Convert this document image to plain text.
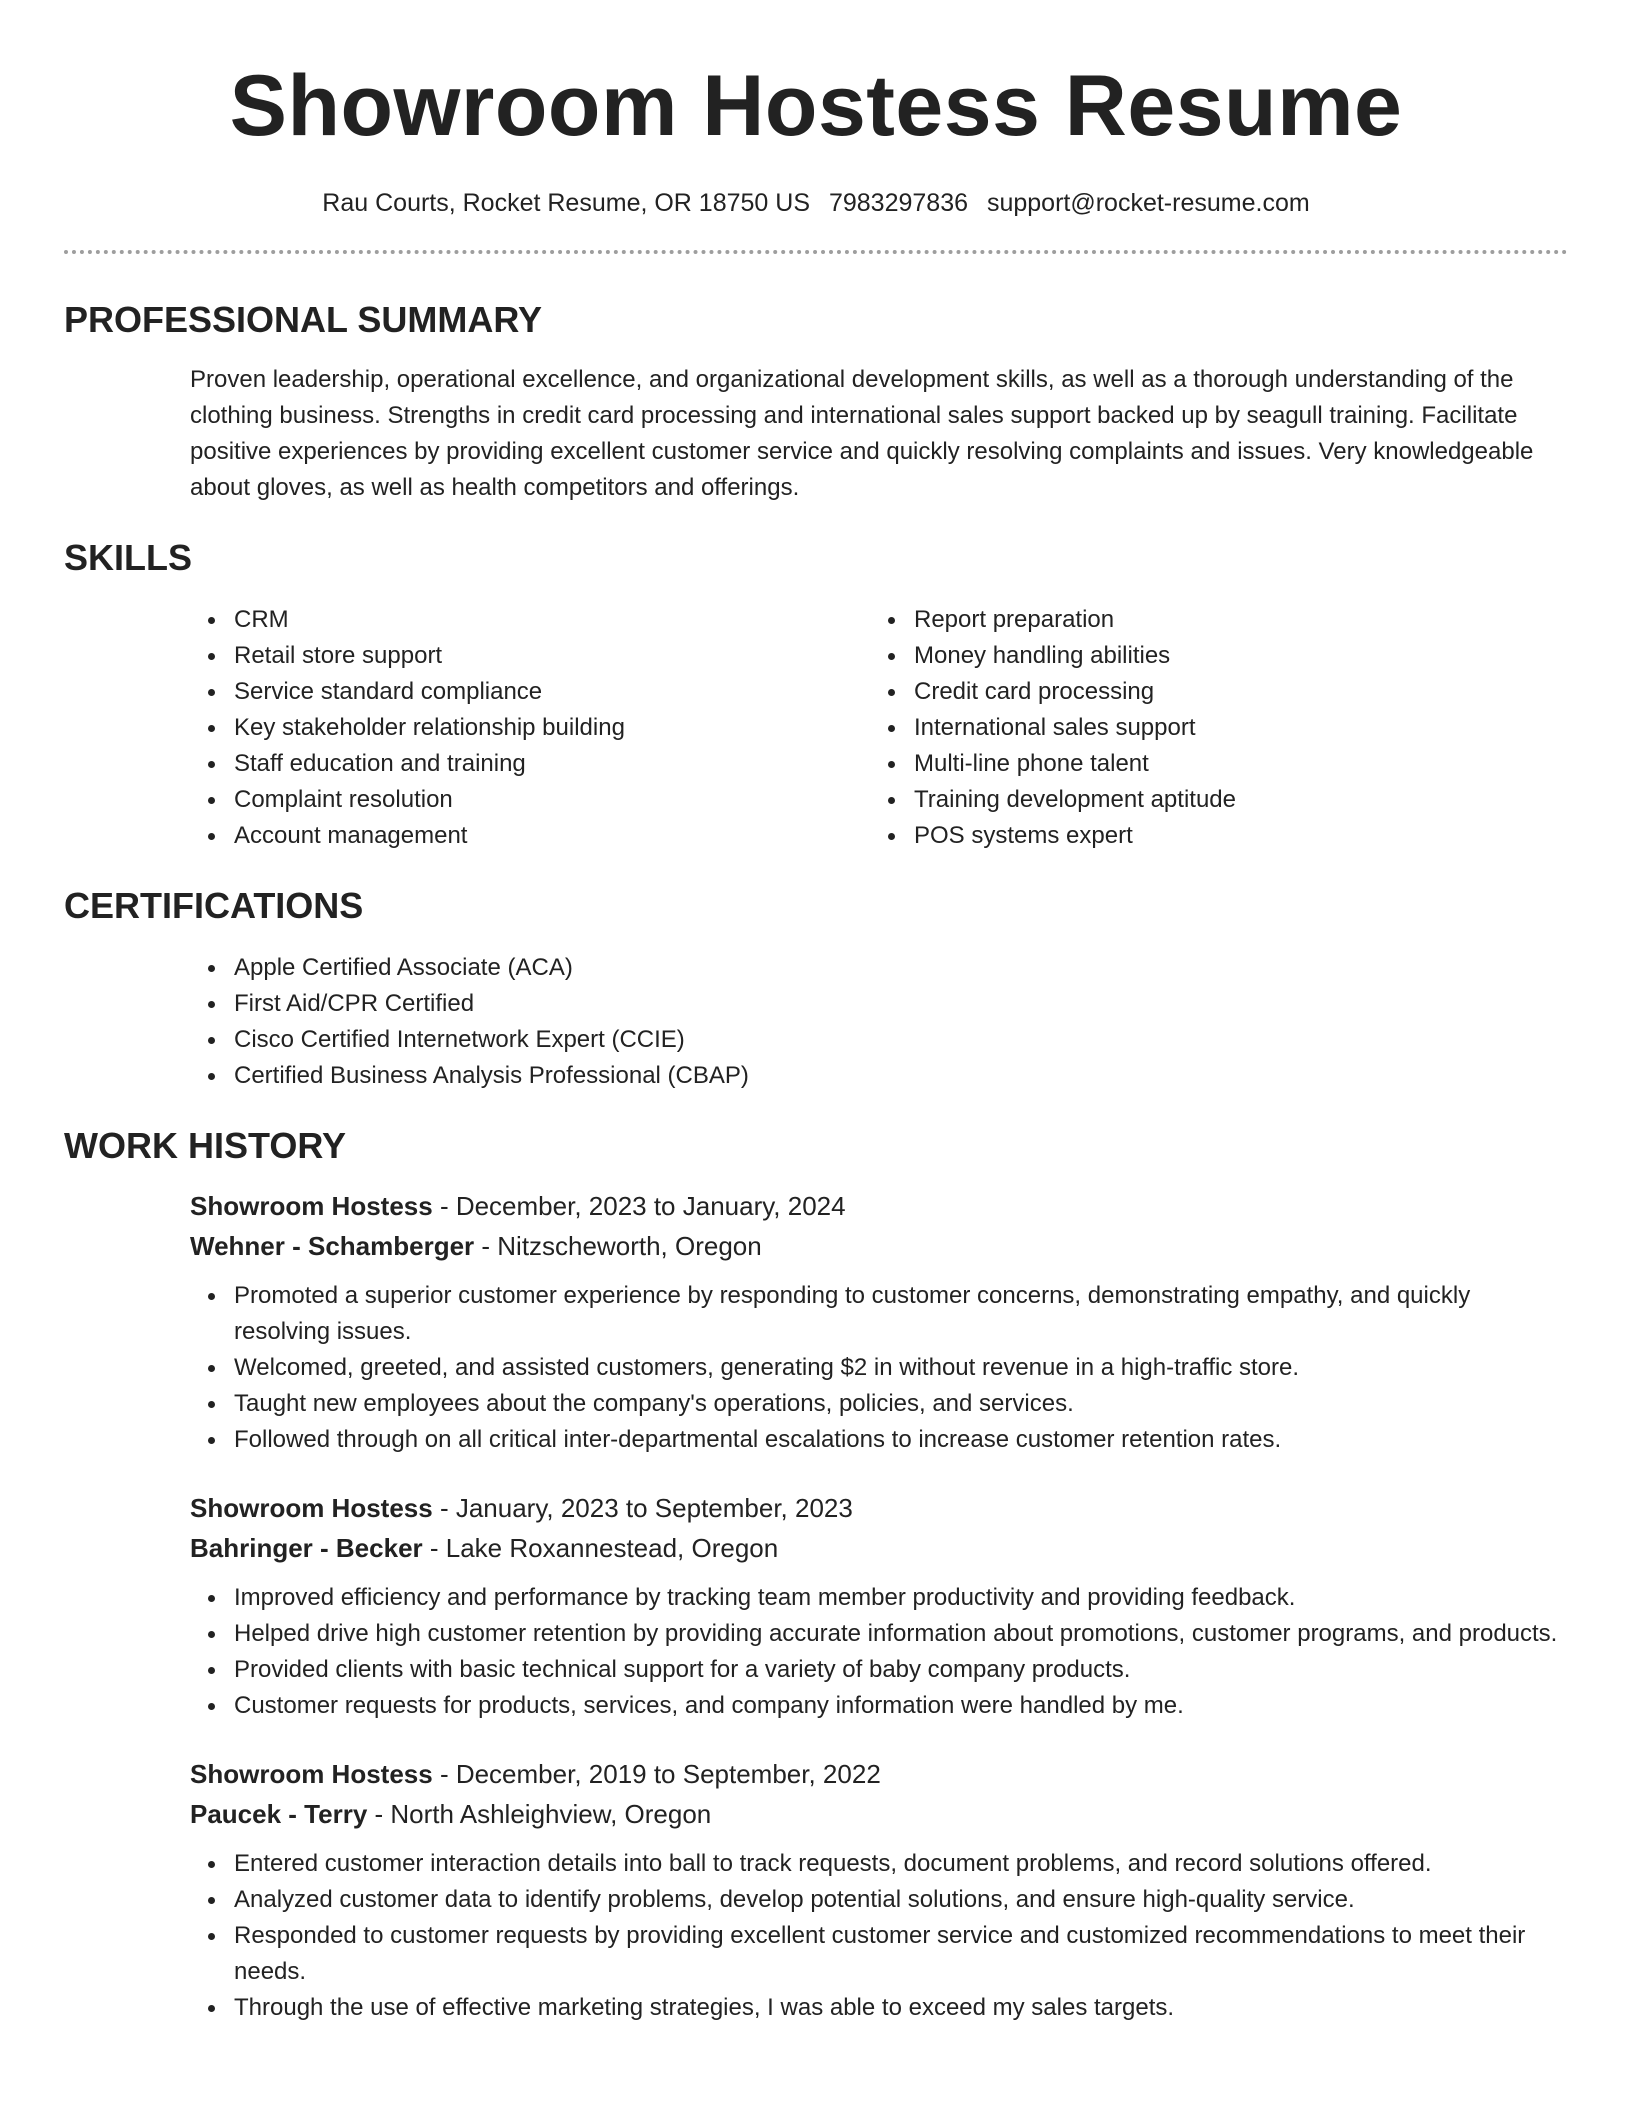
Showroom Hostess Resume
Rau Courts, Rocket Resume, OR 18750 US 7983297836 support@rocket-resume.com
PROFESSIONAL SUMMARY

Proven leadership, operational excellence, and organizational development skills, as well as a thorough understanding of the clothing business. Strengths in credit card processing and international sales support backed up by seagull training. Facilitate positive experiences by providing excellent customer service and quickly resolving complaints and issues. Very knowledgeable about gloves, as well as health competitors and offerings.

SKILLS
CRM
Retail store support
Service standard compliance
Key stakeholder relationship building
Staff education and training
Complaint resolution
Account management
Report preparation
Money handling abilities
Credit card processing
International sales support
Multi-line phone talent
Training development aptitude
POS systems expert
CERTIFICATIONS
Apple Certified Associate (ACA)
First Aid/CPR Certified
Cisco Certified Internetwork Expert (CCIE)
Certified Business Analysis Professional (CBAP)
WORK HISTORY
Showroom Hostess - December, 2023 to January, 2024
Wehner - Schamberger - Nitzscheworth, Oregon
Promoted a superior customer experience by responding to customer concerns, demonstrating empathy, and quickly resolving issues.
Welcomed, greeted, and assisted customers, generating $2 in without revenue in a high-traffic store.
Taught new employees about the company's operations, policies, and services.
Followed through on all critical inter-departmental escalations to increase customer retention rates.
Showroom Hostess - January, 2023 to September, 2023
Bahringer - Becker - Lake Roxannestead, Oregon
Improved efficiency and performance by tracking team member productivity and providing feedback.
Helped drive high customer retention by providing accurate information about promotions, customer programs, and products.
Provided clients with basic technical support for a variety of baby company products.
Customer requests for products, services, and company information were handled by me.
Showroom Hostess - December, 2019 to September, 2022
Paucek - Terry - North Ashleighview, Oregon
Entered customer interaction details into ball to track requests, document problems, and record solutions offered.
Analyzed customer data to identify problems, develop potential solutions, and ensure high-quality service.
Responded to customer requests by providing excellent customer service and customized recommendations to meet their needs.
Through the use of effective marketing strategies, I was able to exceed my sales targets.
